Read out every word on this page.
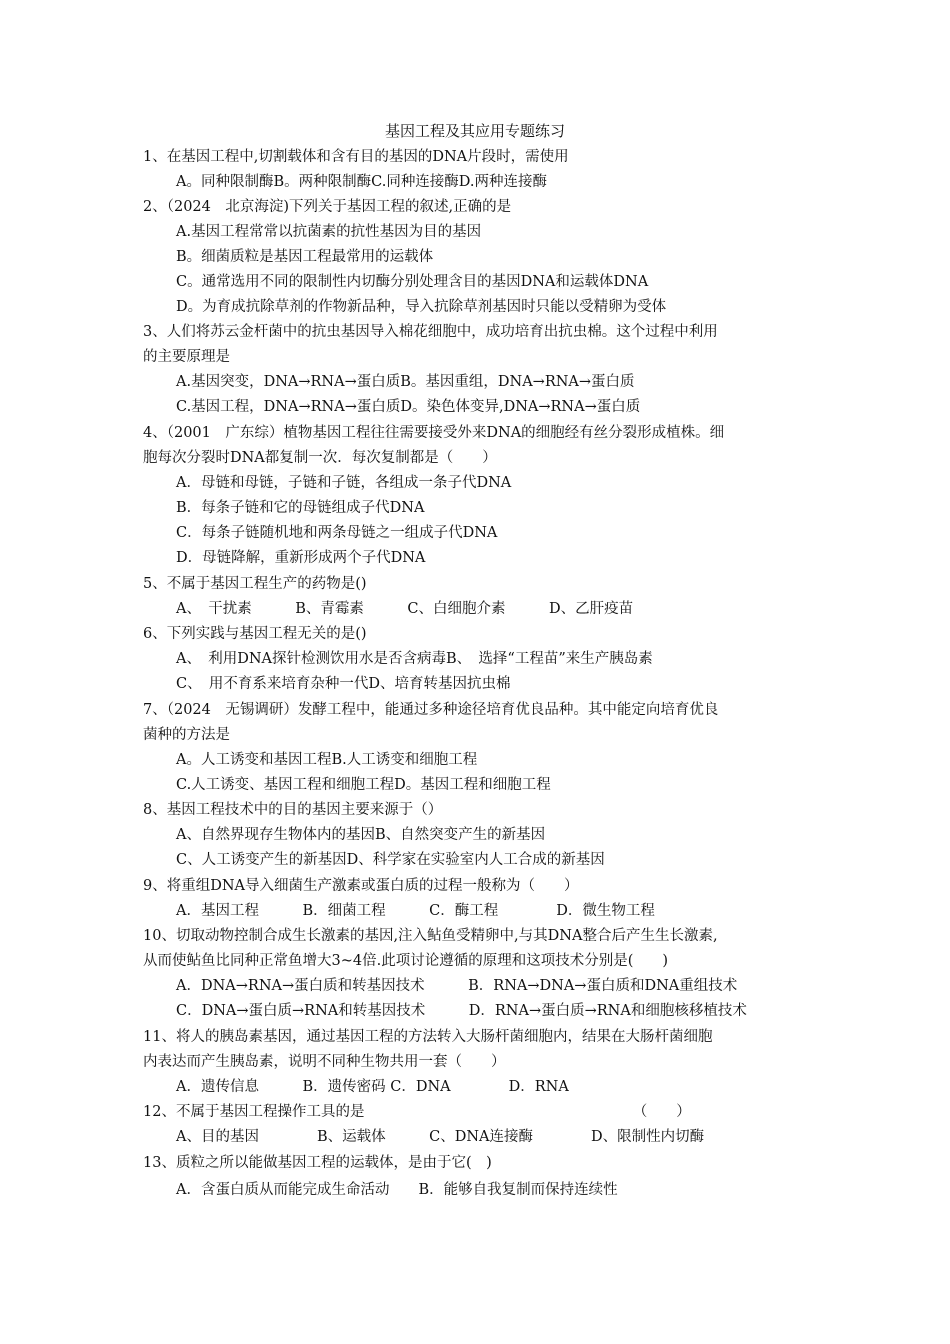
基因工程及其应用专题练习
1、在基因工程中,切割载体和含有目的基因的DNA片段时，需使用
A。同种限制酶B。两种限制酶C.同种连接酶D.两种连接酶
2、（2024　北京海淀)下列关于基因工程的叙述,正确的是
A.基因工程常常以抗菌素的抗性基因为目的基因
B。细菌质粒是基因工程最常用的运载体
C。通常选用不同的限制性内切酶分别处理含目的基因DNA和运载体DNA
D。为育成抗除草剂的作物新品种，导入抗除草剂基因时只能以受精卵为受体
3、人们将苏云金杆菌中的抗虫基因导入棉花细胞中，成功培育出抗虫棉。这个过程中利用
的主要原理是
A.基因突变，DNA→RNA→蛋白质B。基因重组，DNA→RNA→蛋白质
C.基因工程，DNA→RNA→蛋白质D。染色体变异,DNA→RNA→蛋白质
4、（2001　广东综）植物基因工程往往需要接受外来DNA的细胞经有丝分裂形成植株。细
胞每次分裂时DNA都复制一次．每次复制都是（　　）
A．母链和母链，子链和子链，各组成一条子代DNA
B．每条子链和它的母链组成子代DNA
C．每条子链随机地和两条母链之一组成子代DNA
D．母链降解，重新形成两个子代DNA
5、不属于基因工程生产的药物是()
A、　干扰素　　　B、青霉素　　　C、白细胞介素　　　D、乙肝疫苗
6、下列实践与基因工程无关的是()
A、　利用DNA探针检测饮用水是否含病毒B、　选择“工程苗”来生产胰岛素
C、　用不育系来培育杂种一代D、培育转基因抗虫棉
7、（2024　无锡调研）发酵工程中，能通过多种途径培育优良品种。其中能定向培育优良
菌种的方法是
A。人工诱变和基因工程B.人工诱变和细胞工程
C.人工诱变、基因工程和细胞工程D。基因工程和细胞工程
8、基因工程技术中的目的基因主要来源于（）
A、自然界现存生物体内的基因B、自然突变产生的新基因
C、人工诱变产生的新基因D、科学家在实验室内人工合成的新基因
9、将重组DNA导入细菌生产激素或蛋白质的过程一般称为（　　）
A．基因工程　　　B．细菌工程　　　C．酶工程　　　　D．微生物工程
10、切取动物控制合成生长激素的基因,注入鲇鱼受精卵中,与其DNA整合后产生生长激素,
从而使鲇鱼比同种正常鱼增大3~4倍.此项讨论遵循的原理和这项技术分别是(　　)
A．DNA→RNA→蛋白质和转基因技术　　　B．RNA→DNA→蛋白质和DNA重组技术
C．DNA→蛋白质→RNA和转基因技术　　　D．RNA→蛋白质→RNA和细胞核移植技术
11、将人的胰岛素基因，通过基因工程的方法转入大肠杆菌细胞内，结果在大肠杆菌细胞
内表达而产生胰岛素，说明不同种生物共用一套（　　）
A．遗传信息　　　B．遗传密码 C．DNA　　　　D．RNA
12、不属于基因工程操作工具的是　　　　　　　　　　　　　　　　　　　（　　）
A、目的基因　　　　B、运载体　　　C、DNA连接酶　　　　D、限制性内切酶
13、质粒之所以能做基因工程的运载体，是由于它(　)
A．含蛋白质从而能完成生命活动　　B．能够自我复制而保持连续性
